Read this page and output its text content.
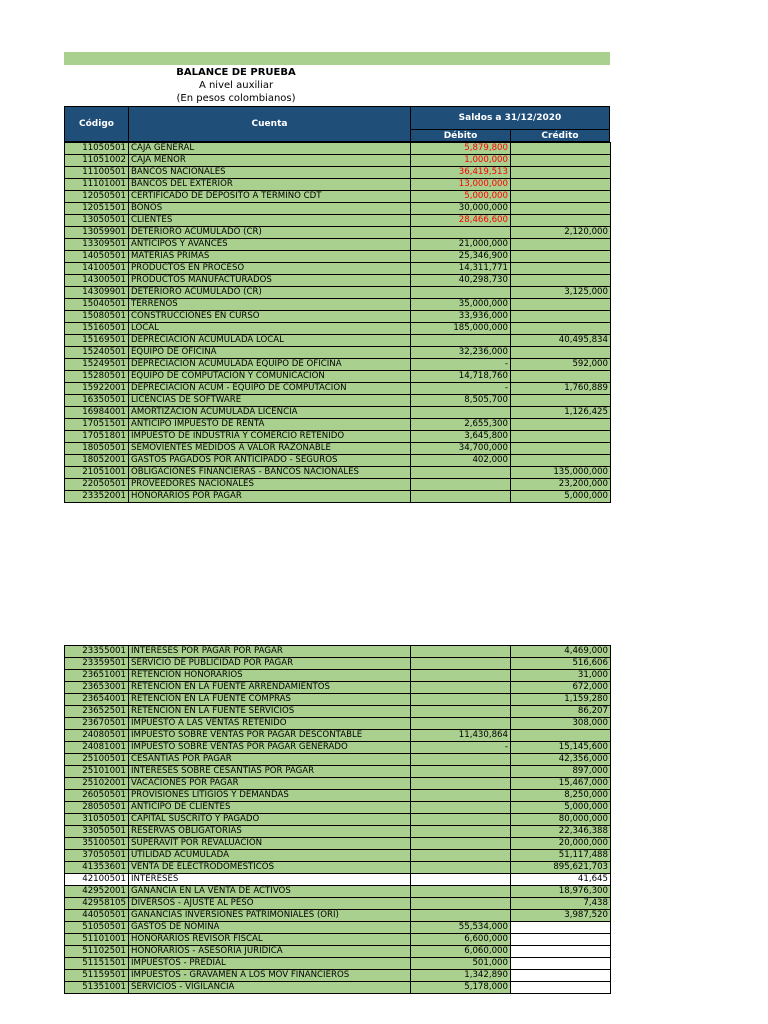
BALANCE DE PRUEBA
A nivel auxiliar
(En pesos colombianos)
Código	Cuenta
Saldos a 31/12/2020
Débito	Crédito
11050501	CAJA GENERAL	5,879,800	
11051002	CAJA MENOR	1,000,000	
11100501	BANCOS NACIONALES	36,419,513	
11101001	BANCOS DEL EXTERIOR	13,000,000	
12050501	CERTIFICADO DE DEPOSITO A TERMINO CDT	5,000,000	
12051501	BONOS	30,000,000	
13050501	CLIENTES	28,466,600	
13059901	DETERIORO ACUMULADO (CR)		2,120,000
13309501	ANTICIPOS Y AVANCES	21,000,000	
14050501	MATERIAS PRIMAS	25,346,900	
14100501	PRODUCTOS EN PROCESO	14,311,771	
14300501	PRODUCTOS MANUFACTURADOS	40,298,730	
14309901	DETERIORO ACUMULADO (CR)		3,125,000
15040501	TERRENOS	35,000,000	
15080501	CONSTRUCCIONES EN CURSO	33,936,000	
15160501	LOCAL	185,000,000	
15169501	DEPRECIACIÓN ACUMULADA LOCAL		40,495,834
15240501	EQUIPO DE OFICINA	32,236,000	
15249501	DEPRECIACION ACUMULADA EQUIPO DE OFICINA	-	592,000
15280501	EQUIPO DE COMPUTACION Y COMUNICACIÓN	14,718,760	
15922001	DEPRECIACION ACUM - EQUIPO DE COMPUTACIÓN	-	1,760,889
16350501	LICENCIAS DE SOFTWARE	8,505,700	
16984001	AMORTIZACION ACUMULADA LICENCIA		1,126,425
17051501	ANTICIPO IMPUESTO DE RENTA	2,655,300	
17051801	IMPUESTO DE INDUSTRIA Y COMERCIO RETENIDO	3,645,800	
18050501	SEMOVIENTES MEDIDOS A VALOR RAZONABLE	34,700,000	
18052001	GASTOS PAGADOS POR ANTICIPADO - SEGUROS	402,000	
21051001	OBLIGACIONES FINANCIERAS - BANCOS NACIONALES		135,000,000
22050501	PROVEEDORES NACIONALES		23,200,000
23352001	HONORARIOS POR PAGAR		5,000,000
23355001	INTERESES POR PAGAR POR PAGAR		4,469,000
23359501	SERVICIO DE PUBLICIDAD POR PAGAR		516,606
23651001	RETENCION HONORARIOS		31,000
23653001	RETENCION EN LA FUENTE ARRENDAMIENTOS		672,000
23654001	RETENCION EN LA FUENTE COMPRAS		1,159,280
23652501	RETENCION EN LA FUENTE SERVICIOS		86,207
23670501	IMPUESTO A LAS VENTAS RETENIDO		308,000
24080501	IMPUESTO SOBRE VENTAS POR PAGAR DESCONTABLE	11,430,864	
24081001	IMPUESTO SOBRE VENTAS POR PAGAR GENERADO	-	15,145,600
25100501	CESANTIAS POR PAGAR		42,356,000
25101001	INTERESES SOBRE CESANTIAS POR PAGAR		897,000
25102001	VACACIONES POR PAGAR		15,467,000
26050501	PROVISIONES LITIGIOS Y DEMANDAS		8,250,000
28050501	ANTICIPO DE CLIENTES		5,000,000
31050501	CAPITAL SUSCRITO Y PAGADO		80,000,000
33050501	RESERVAS OBLIGATORIAS		22,346,388
35100501	SUPERAVIT POR REVALUACIÓN		20,000,000
37050501	UTILIDAD ACUMULADA		51,117,488
41353601	VENTA DE ELECTRODOMESTICOS		895,621,703
42100501	INTERESES		41,645
42952001	GANANCIA EN LA VENTA DE ACTIVOS		18,976,300
42958105	DIVERSOS - AJUSTE AL PESO		7,438
44050501	GANANCIAS INVERSIONES PATRIMONIALES (ORI)		3,987,520
51050501	GASTOS DE NOMINA	55,534,000	
51101001	HONORARIOS REVISOR FISCAL	6,600,000	
51102501	HONORARIOS - ASESORIA JURIDICA	6,060,000	
51151501	IMPUESTOS - PREDIAL	501,000	
51159501	IMPUESTOS - GRAVAMEN A LOS MOV FINANCIEROS	1,342,890	
51351001	SERVICIOS - VIGILANCIA	5,178,000	
